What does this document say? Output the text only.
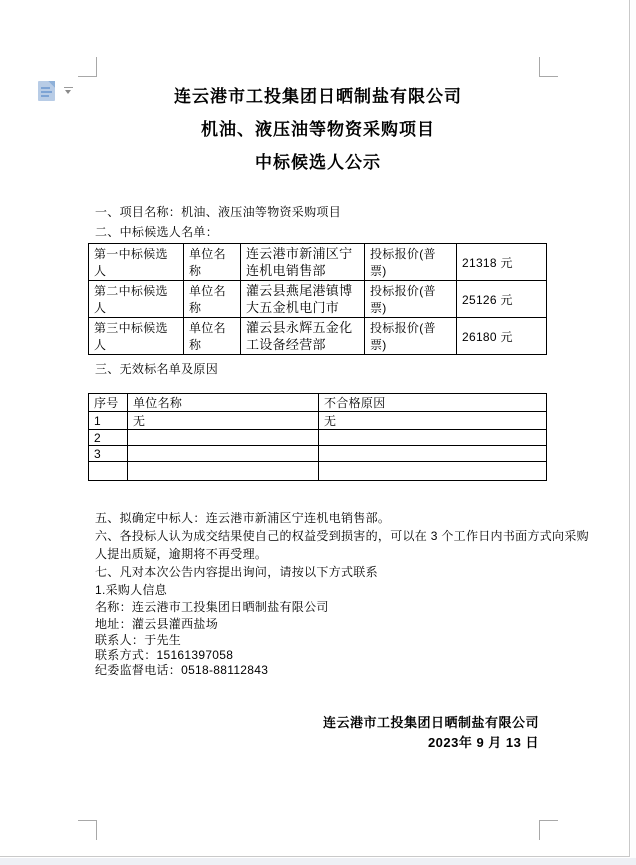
连云港市工投集团日晒制盐有限公司
机油、液压油等物资采购项目
中标候选人公示
一、项目名称：机油、液压油等物资采购项目
二、中标候选人名单：
第一中标候选人	单位名称	连云港市新浦区宁连机电销售部	投标报价(普票)	21318 元
第二中标候选人	单位名称	灌云县燕尾港镇博大五金机电门市	投标报价(普票)	25126 元
第三中标候选人	单位名称	灌云县永辉五金化工设备经营部	投标报价(普票)	26180 元
三、无效标名单及原因
序号	单位名称	不合格原因
1	无	无
2		
3		

五、拟确定中标人：连云港市新浦区宁连机电销售部。
六、各投标人认为成交结果使自己的权益受到损害的，可以在 3 个工作日内书面方式向采购
人提出质疑，逾期将不再受理。
七、凡对本次公告内容提出询问，请按以下方式联系
1.采购人信息
名称：连云港市工投集团日晒制盐有限公司
地址：灌云县灌西盐场
联系人：于先生
联系方式：15161397058
纪委监督电话：0518-88112843
连云港市工投集团日晒制盐有限公司
2023年 9 月 13 日
